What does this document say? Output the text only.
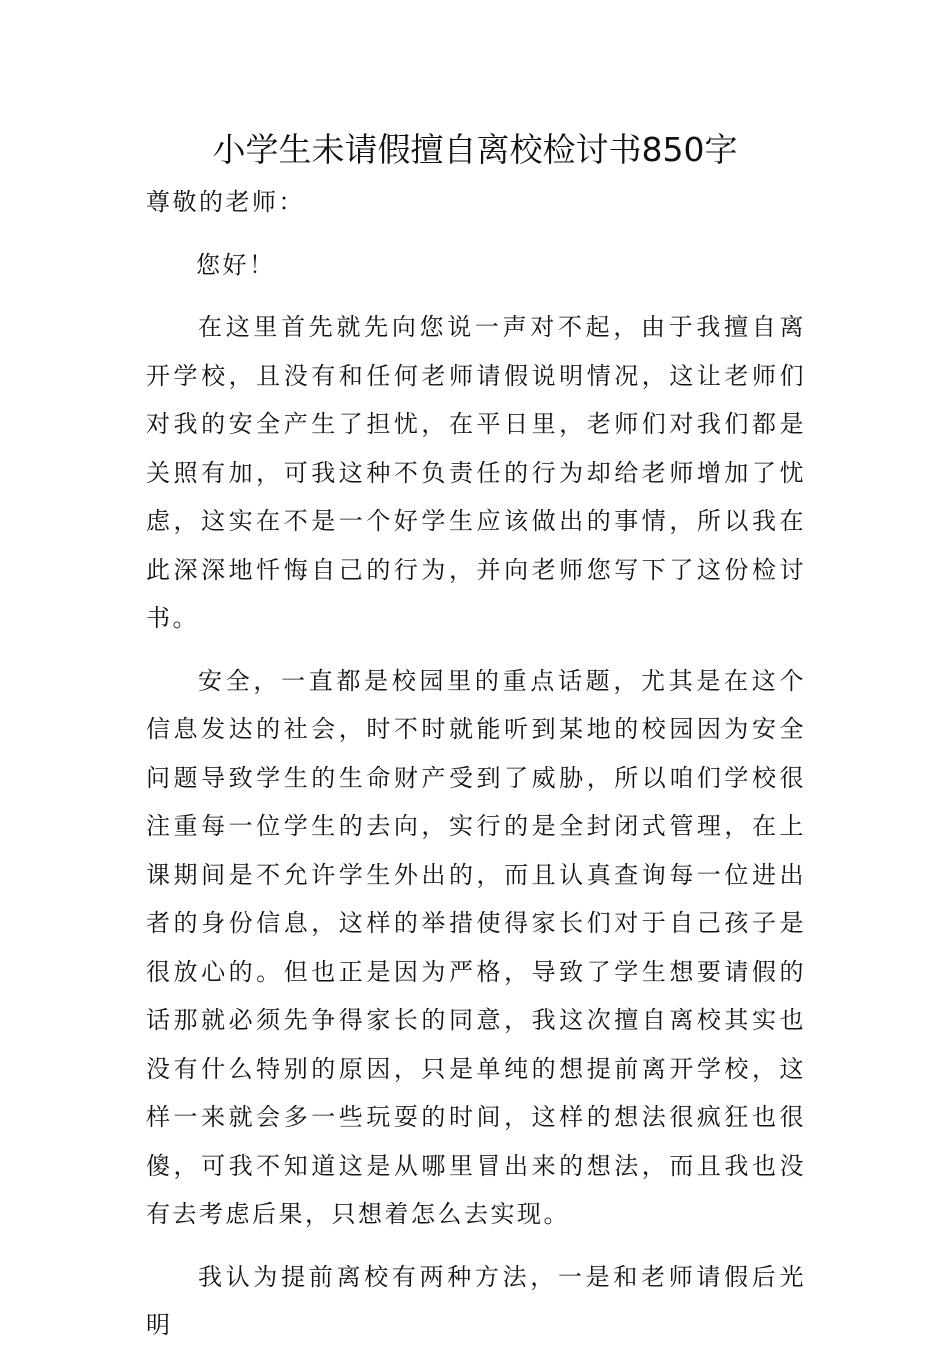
小学生未请假擅自离校检讨书850字

尊敬的老师：

您好！

在这里首先就先向您说一声对不起，由于我擅自离开学校，且没有和任何老师请假说明情况，这让老师们对我的安全产生了担忧，在平日里，老师们对我们都是关照有加，可我这种不负责任的行为却给老师增加了忧虑，这实在不是一个好学生应该做出的事情，所以我在此深深地忏悔自己的行为，并向老师您写下了这份检讨书。

安全，一直都是校园里的重点话题，尤其是在这个信息发达的社会，时不时就能听到某地的校园因为安全问题导致学生的生命财产受到了威胁，所以咱们学校很注重每一位学生的去向，实行的是全封闭式管理，在上课期间是不允许学生外出的，而且认真查询每一位进出者的身份信息，这样的举措使得家长们对于自己孩子是很放心的。但也正是因为严格，导致了学生想要请假的话那就必须先争得家长的同意，我这次擅自离校其实也没有什么特别的原因，只是单纯的想提前离开学校，这样一来就会多一些玩耍的时间，这样的想法很疯狂也很傻，可我不知道这是从哪里冒出来的想法，而且我也没有去考虑后果，只想着怎么去实现。

我认为提前离校有两种方法，一是和老师请假后光明
